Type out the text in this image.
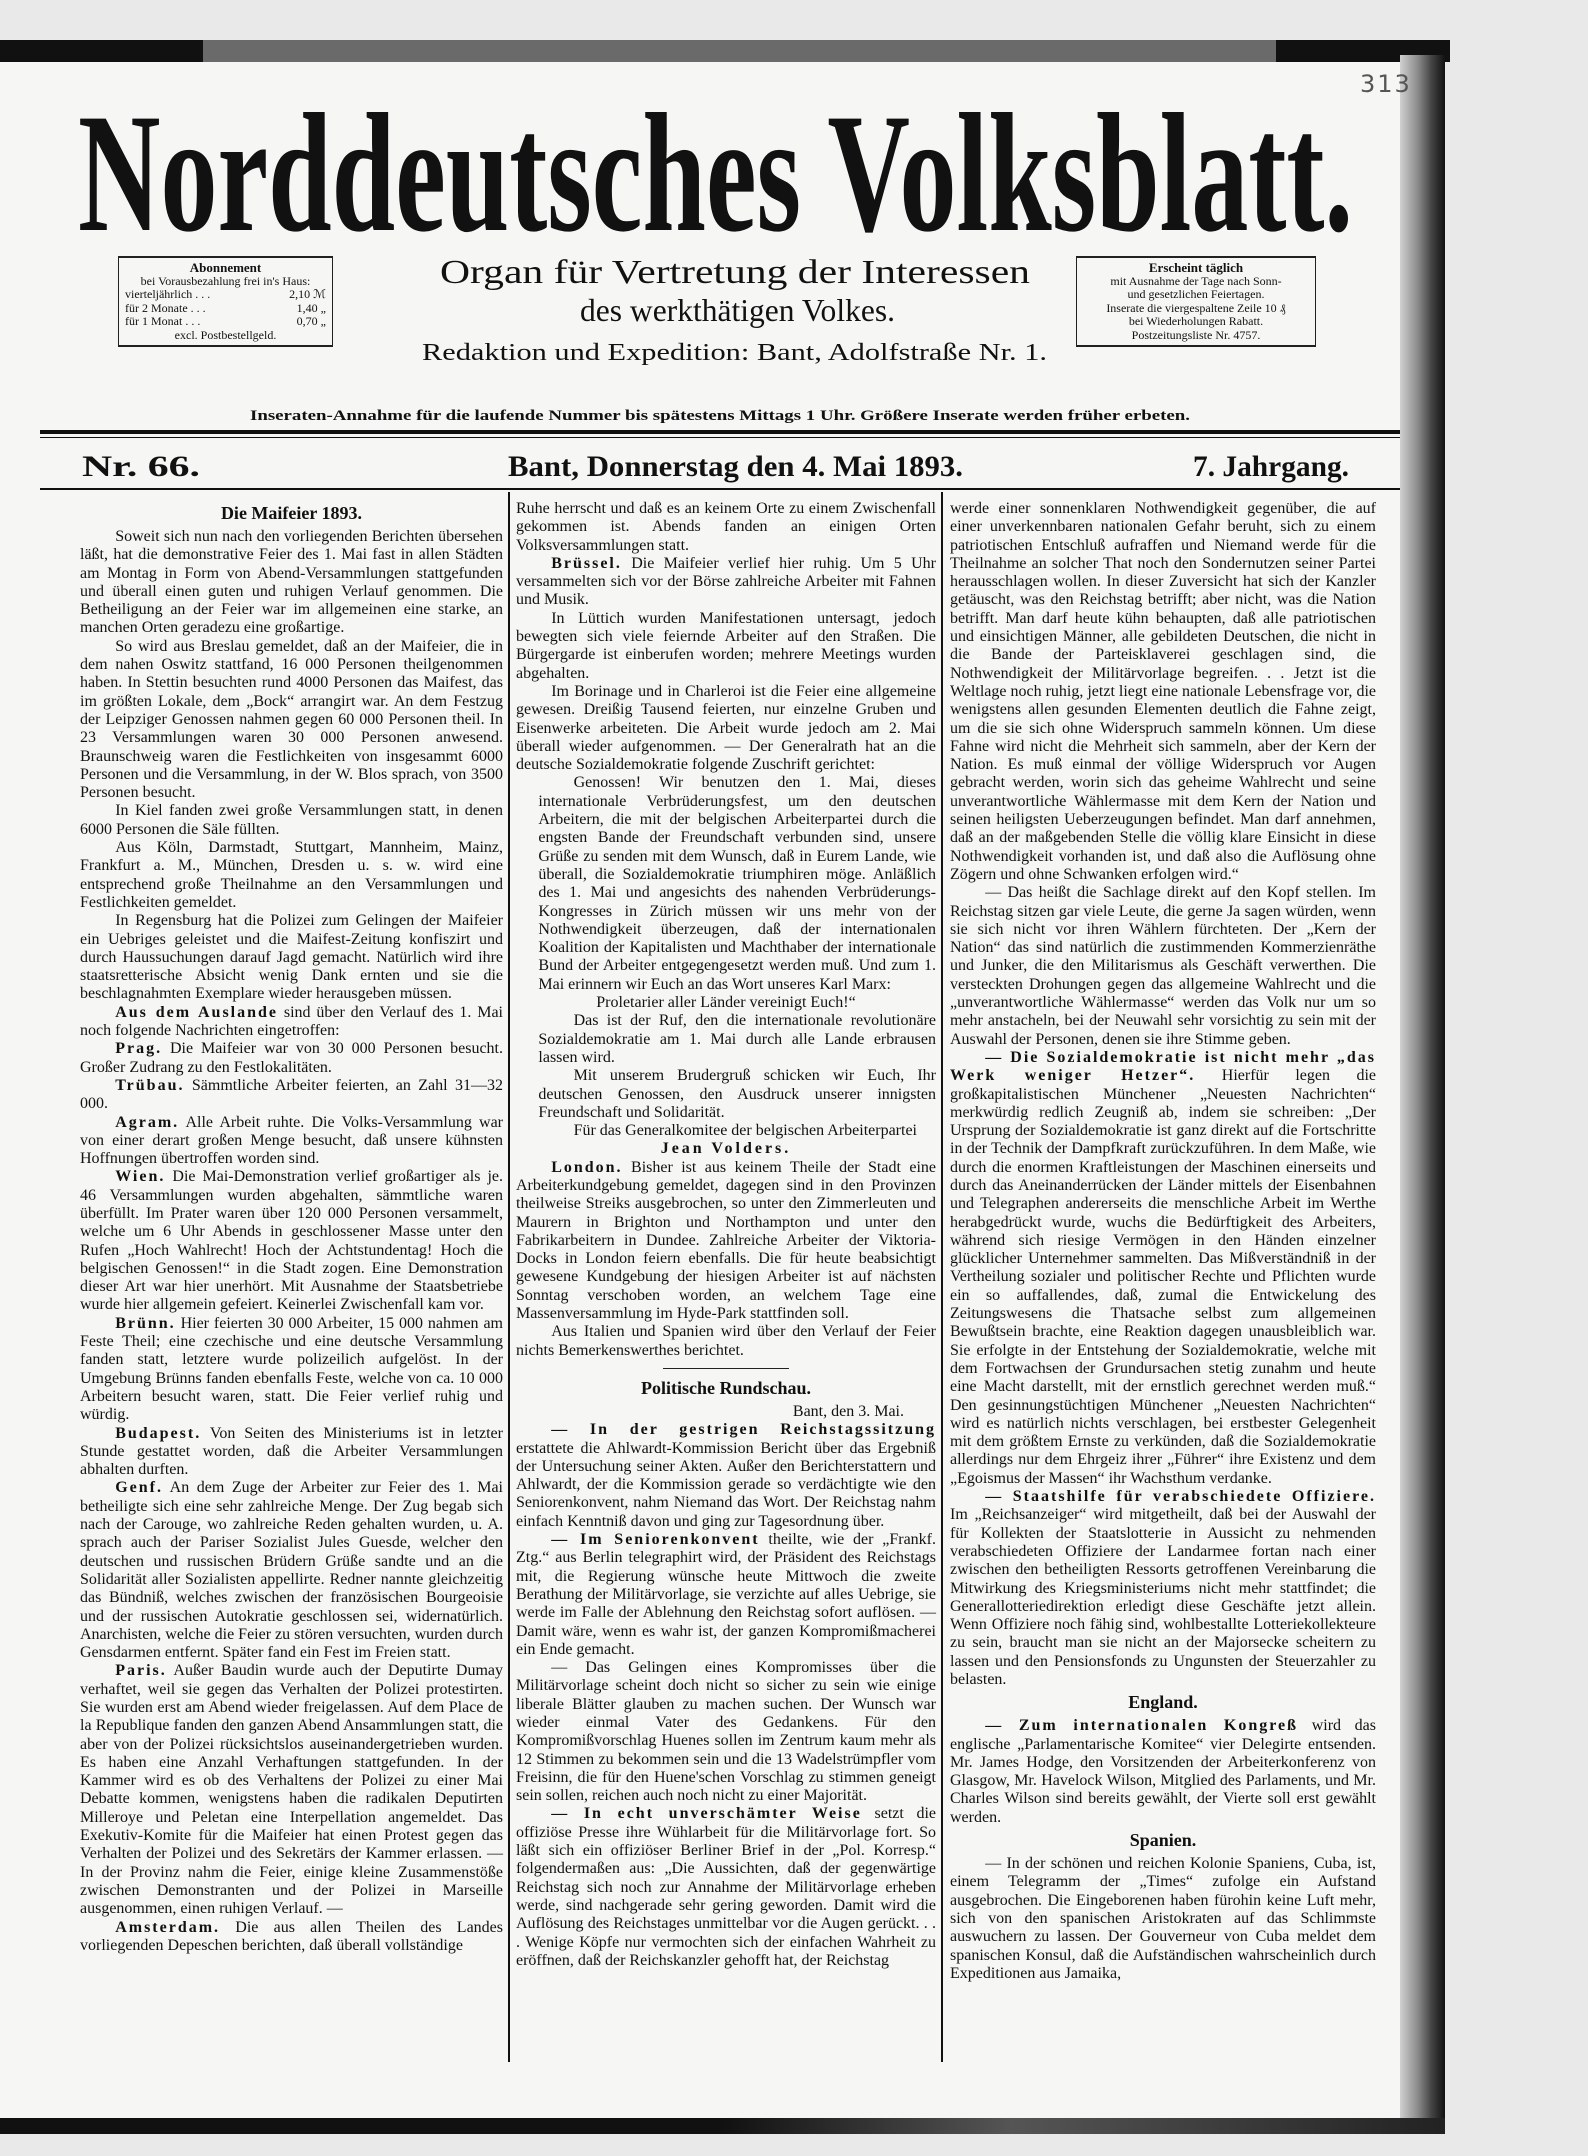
313
Norddeutsches Volksblatt.
Abonnement
bei Vorausbezahlung frei in's Haus:
vierteljährlich . . .	2,10 ℳ
für 2 Monate . . .	1,40 „
für 1 Monat . . .	0,70 „
excl. Postbestellgeld.
Organ für Vertretung der Interessen
des werkthätigen Volkes.
Redaktion und Expedition: Bant, Adolfstraße Nr. 1.
Erscheint täglich
mit Ausnahme der Tage nach Sonn-
und gesetzlichen Feiertagen.
Inserate die viergespaltene Zeile 10 ₰
bei Wiederholungen Rabatt.
Postzeitungsliste Nr. 4757.
Inseraten-Annahme für die laufende Nummer bis spätestens Mittags 1 Uhr. Größere Inserate werden früher erbeten.
Nr. 66.	Bant, Donnerstag den 4. Mai 1893.	7. Jahrgang.
Die Maifeier 1893.

Soweit sich nun nach den vorliegenden Berichten übersehen läßt, hat die demonstrative Feier des 1. Mai fast in allen Städten am Montag in Form von Abend-Versammlungen stattgefunden und überall einen guten und ruhigen Verlauf genommen. Die Betheiligung an der Feier war im allgemeinen eine starke, an manchen Orten geradezu eine großartige.

So wird aus Breslau gemeldet, daß an der Maifeier, die in dem nahen Oswitz stattfand, 16 000 Personen theilgenommen haben. In Stettin besuchten rund 4000 Personen das Maifest, das im größten Lokale, dem „Bock“ arrangirt war. An dem Festzug der Leipziger Genossen nahmen gegen 60 000 Personen theil. In 23 Versammlungen waren 30 000 Personen anwesend. Braunschweig waren die Festlichkeiten von insgesammt 6000 Personen und die Versammlung, in der W. Blos sprach, von 3500 Personen besucht.

In Kiel fanden zwei große Versammlungen statt, in denen 6000 Personen die Säle füllten.

Aus Köln, Darmstadt, Stuttgart, Mannheim, Mainz, Frankfurt a. M., München, Dresden u. s. w. wird eine entsprechend große Theilnahme an den Versammlungen und Festlichkeiten gemeldet.

In Regensburg hat die Polizei zum Gelingen der Maifeier ein Uebriges geleistet und die Maifest-Zeitung konfiszirt und durch Haussuchungen darauf Jagd gemacht. Natürlich wird ihre staatsretterische Absicht wenig Dank ernten und sie die beschlagnahmten Exemplare wieder herausgeben müssen.

Aus dem Auslande sind über den Verlauf des 1. Mai noch folgende Nachrichten eingetroffen:

Prag. Die Maifeier war von 30 000 Personen besucht. Großer Zudrang zu den Festlokalitäten.

Trübau. Sämmtliche Arbeiter feierten, an Zahl 31—32 000.

Agram. Alle Arbeit ruhte. Die Volks-Versammlung war von einer derart großen Menge besucht, daß unsere kühnsten Hoffnungen übertroffen worden sind.

Wien. Die Mai-Demonstration verlief großartiger als je. 46 Versammlungen wurden abgehalten, sämmtliche waren überfüllt. Im Prater waren über 120 000 Personen versammelt, welche um 6 Uhr Abends in geschlossener Masse unter den Rufen „Hoch Wahlrecht! Hoch der Achtstundentag! Hoch die belgischen Genossen!“ in die Stadt zogen. Eine Demonstration dieser Art war hier unerhört. Mit Ausnahme der Staatsbetriebe wurde hier allgemein gefeiert. Keinerlei Zwischenfall kam vor.

Brünn. Hier feierten 30 000 Arbeiter, 15 000 nahmen am Feste Theil; eine czechische und eine deutsche Versammlung fanden statt, letztere wurde polizeilich aufgelöst. In der Umgebung Brünns fanden ebenfalls Feste, welche von ca. 10 000 Arbeitern besucht waren, statt. Die Feier verlief ruhig und würdig.

Budapest. Von Seiten des Ministeriums ist in letzter Stunde gestattet worden, daß die Arbeiter Versammlungen abhalten durften.

Genf. An dem Zuge der Arbeiter zur Feier des 1. Mai betheiligte sich eine sehr zahlreiche Menge. Der Zug begab sich nach der Carouge, wo zahlreiche Reden gehalten wurden, u. A. sprach auch der Pariser Sozialist Jules Guesde, welcher den deutschen und russischen Brüdern Grüße sandte und an die Solidarität aller Sozialisten appellirte. Redner nannte gleichzeitig das Bündniß, welches zwischen der französischen Bourgeoisie und der russischen Autokratie geschlossen sei, widernatürlich. Anarchisten, welche die Feier zu stören versuchten, wurden durch Gensdarmen entfernt. Später fand ein Fest im Freien statt.

Paris. Außer Baudin wurde auch der Deputirte Dumay verhaftet, weil sie gegen das Verhalten der Polizei protestirten. Sie wurden erst am Abend wieder freigelassen. Auf dem Place de la Republique fanden den ganzen Abend Ansammlungen statt, die aber von der Polizei rücksichtslos auseinandergetrieben wurden. Es haben eine Anzahl Verhaftungen stattgefunden. In der Kammer wird es ob des Verhaltens der Polizei zu einer Mai Debatte kommen, wenigstens haben die radikalen Deputirten Milleroye und Peletan eine Interpellation angemeldet. Das Exekutiv-Komite für die Maifeier hat einen Protest gegen das Verhalten der Polizei und des Sekretärs der Kammer erlassen. — In der Provinz nahm die Feier, einige kleine Zusammenstöße zwischen Demonstranten und der Polizei in Marseille ausgenommen, einen ruhigen Verlauf. —

Amsterdam. Die aus allen Theilen des Landes vorliegenden Depeschen berichten, daß überall vollständige

Ruhe herrscht und daß es an keinem Orte zu einem Zwischenfall gekommen ist. Abends fanden an einigen Orten Volksversammlungen statt.

Brüssel. Die Maifeier verlief hier ruhig. Um 5 Uhr versammelten sich vor der Börse zahlreiche Arbeiter mit Fahnen und Musik.

In Lüttich wurden Manifestationen untersagt, jedoch bewegten sich viele feiernde Arbeiter auf den Straßen. Die Bürgergarde ist einberufen worden; mehrere Meetings wurden abgehalten.

Im Borinage und in Charleroi ist die Feier eine allgemeine gewesen. Dreißig Tausend feierten, nur einzelne Gruben und Eisenwerke arbeiteten. Die Arbeit wurde jedoch am 2. Mai überall wieder aufgenommen. — Der Generalrath hat an die deutsche Sozialdemokratie folgende Zuschrift gerichtet:

Genossen! Wir benutzen den 1. Mai, dieses internationale Verbrüderungsfest, um den deutschen Arbeitern, die mit der belgischen Arbeiterpartei durch die engsten Bande der Freundschaft verbunden sind, unsere Grüße zu senden mit dem Wunsch, daß in Eurem Lande, wie überall, die Sozialdemokratie triumphiren möge. Anläßlich des 1. Mai und angesichts des nahenden Verbrüderungs-Kongresses in Zürich müssen wir uns mehr von der Nothwendigkeit überzeugen, daß der internationalen Koalition der Kapitalisten und Machthaber der internationale Bund der Arbeiter entgegengesetzt werden muß. Und zum 1. Mai erinnern wir Euch an das Wort unseres Karl Marx:

Proletarier aller Länder vereinigt Euch!“

Das ist der Ruf, den die internationale revolutionäre Sozialdemokratie am 1. Mai durch alle Lande erbrausen lassen wird.

Mit unserem Brudergruß schicken wir Euch, Ihr deutschen Genossen, den Ausdruck unserer innigsten Freundschaft und Solidarität.

Für das Generalkomitee der belgischen Arbeiterpartei

Jean Volders.

London. Bisher ist aus keinem Theile der Stadt eine Arbeiterkundgebung gemeldet, dagegen sind in den Provinzen theilweise Streiks ausgebrochen, so unter den Zimmerleuten und Maurern in Brighton und Northampton und unter den Fabrikarbeitern in Dundee. Zahlreiche Arbeiter der Viktoria-Docks in London feiern ebenfalls. Die für heute beabsichtigt gewesene Kundgebung der hiesigen Arbeiter ist auf nächsten Sonntag verschoben worden, an welchem Tage eine Massenversammlung im Hyde-Park stattfinden soll.

Aus Italien und Spanien wird über den Verlauf der Feier nichts Bemerkenswerthes berichtet.

Politische Rundschau.

Bant, den 3. Mai.

— In der gestrigen Reichstagssitzung erstattete die Ahlwardt-Kommission Bericht über das Ergebniß der Untersuchung seiner Akten. Außer den Berichterstattern und Ahlwardt, der die Kommission gerade so verdächtigte wie den Seniorenkonvent, nahm Niemand das Wort. Der Reichstag nahm einfach Kenntniß davon und ging zur Tagesordnung über.

— Im Seniorenkonvent theilte, wie der „Frankf. Ztg.“ aus Berlin telegraphirt wird, der Präsident des Reichstags mit, die Regierung wünsche heute Mittwoch die zweite Berathung der Militärvorlage, sie verzichte auf alles Uebrige, sie werde im Falle der Ablehnung den Reichstag sofort auflösen. — Damit wäre, wenn es wahr ist, der ganzen Kompromißmacherei ein Ende gemacht.

— Das Gelingen eines Kompromisses über die Militärvorlage scheint doch nicht so sicher zu sein wie einige liberale Blätter glauben zu machen suchen. Der Wunsch war wieder einmal Vater des Gedankens. Für den Kompromißvorschlag Huenes sollen im Zentrum kaum mehr als 12 Stimmen zu bekommen sein und die 13 Wadelstrümpfler vom Freisinn, die für den Huene'schen Vorschlag zu stimmen geneigt sein sollen, reichen auch noch nicht zu einer Majorität.

— In echt unverschämter Weise setzt die offiziöse Presse ihre Wühlarbeit für die Militärvorlage fort. So läßt sich ein offiziöser Berliner Brief in der „Pol. Korresp.“ folgendermaßen aus: „Die Aussichten, daß der gegenwärtige Reichstag sich noch zur Annahme der Militärvorlage erheben werde, sind nachgerade sehr gering geworden. Damit wird die Auflösung des Reichstages unmittelbar vor die Augen gerückt. . . . Wenige Köpfe nur vermochten sich der einfachen Wahrheit zu eröffnen, daß der Reichskanzler gehofft hat, der Reichstag

werde einer sonnenklaren Nothwendigkeit gegenüber, die auf einer unverkennbaren nationalen Gefahr beruht, sich zu einem patriotischen Entschluß aufraffen und Niemand werde für die Theilnahme an solcher That noch den Sondernutzen seiner Partei herausschlagen wollen. In dieser Zuversicht hat sich der Kanzler getäuscht, was den Reichstag betrifft; aber nicht, was die Nation betrifft. Man darf heute kühn behaupten, daß alle patriotischen und einsichtigen Männer, alle gebildeten Deutschen, die nicht in die Bande der Parteisklaverei geschlagen sind, die Nothwendigkeit der Militärvorlage begreifen. . . Jetzt ist die Weltlage noch ruhig, jetzt liegt eine nationale Lebensfrage vor, die wenigstens allen gesunden Elementen deutlich die Fahne zeigt, um die sie sich ohne Widerspruch sammeln können. Um diese Fahne wird nicht die Mehrheit sich sammeln, aber der Kern der Nation. Es muß einmal der völlige Widerspruch vor Augen gebracht werden, worin sich das geheime Wahlrecht und seine unverantwortliche Wählermasse mit dem Kern der Nation und seinen heiligsten Ueberzeugungen befindet. Man darf annehmen, daß an der maßgebenden Stelle die völlig klare Einsicht in diese Nothwendigkeit vorhanden ist, und daß also die Auflösung ohne Zögern und ohne Schwanken erfolgen wird.“

— Das heißt die Sachlage direkt auf den Kopf stellen. Im Reichstag sitzen gar viele Leute, die gerne Ja sagen würden, wenn sie sich nicht vor ihren Wählern fürchteten. Der „Kern der Nation“ das sind natürlich die zustimmenden Kommerzienräthe und Junker, die den Militarismus als Geschäft verwerthen. Die versteckten Drohungen gegen das allgemeine Wahlrecht und die „unverantwortliche Wählermasse“ werden das Volk nur um so mehr anstacheln, bei der Neuwahl sehr vorsichtig zu sein mit der Auswahl der Personen, denen sie ihre Stimme geben.

— Die Sozialdemokratie ist nicht mehr „das Werk weniger Hetzer“. Hierfür legen die großkapitalistischen Münchener „Neuesten Nachrichten“ merkwürdig redlich Zeugniß ab, indem sie schreiben: „Der Ursprung der Sozialdemokratie ist ganz direkt auf die Fortschritte in der Technik der Dampfkraft zurückzuführen. In dem Maße, wie durch die enormen Kraftleistungen der Maschinen einerseits und durch das Aneinanderrücken der Länder mittels der Eisenbahnen und Telegraphen andererseits die menschliche Arbeit im Werthe herabgedrückt wurde, wuchs die Bedürftigkeit des Arbeiters, während sich riesige Vermögen in den Händen einzelner glücklicher Unternehmer sammelten. Das Mißverständniß in der Vertheilung sozialer und politischer Rechte und Pflichten wurde ein so auffallendes, daß, zumal die Entwickelung des Zeitungswesens die Thatsache selbst zum allgemeinen Bewußtsein brachte, eine Reaktion dagegen unausbleiblich war. Sie erfolgte in der Entstehung der Sozialdemokratie, welche mit dem Fortwachsen der Grundursachen stetig zunahm und heute eine Macht darstellt, mit der ernstlich gerechnet werden muß.“ Den gesinnungstüchtigen Münchener „Neuesten Nachrichten“ wird es natürlich nichts verschlagen, bei erstbester Gelegenheit mit dem größtem Ernste zu verkünden, daß die Sozialdemokratie allerdings nur dem Ehrgeiz ihrer „Führer“ ihre Existenz und dem „Egoismus der Massen“ ihr Wachsthum verdanke.

— Staatshilfe für verabschiedete Offiziere. Im „Reichsanzeiger“ wird mitgetheilt, daß bei der Auswahl der für Kollekten der Staatslotterie in Aussicht zu nehmenden verabschiedeten Offiziere der Landarmee fortan nach einer zwischen den betheiligten Ressorts getroffenen Vereinbarung die Mitwirkung des Kriegsministeriums nicht mehr stattfindet; die Generallotteriedirektion erledigt diese Geschäfte jetzt allein. Wenn Offiziere noch fähig sind, wohlbestallte Lotteriekollekteure zu sein, braucht man sie nicht an der Majorsecke scheitern zu lassen und den Pensionsfonds zu Ungunsten der Steuerzahler zu belasten.

England.

— Zum internationalen Kongreß wird das englische „Parlamentarische Komitee“ vier Delegirte entsenden. Mr. James Hodge, den Vorsitzenden der Arbeiterkonferenz von Glasgow, Mr. Havelock Wilson, Mitglied des Parlaments, und Mr. Charles Wilson sind bereits gewählt, der Vierte soll erst gewählt werden.

Spanien.

— In der schönen und reichen Kolonie Spaniens, Cuba, ist, einem Telegramm der „Times“ zufolge ein Aufstand ausgebrochen. Die Eingeborenen haben fürohin keine Luft mehr, sich von den spanischen Aristokraten auf das Schlimmste auswuchern zu lassen. Der Gouverneur von Cuba meldet dem spanischen Konsul, daß die Aufständischen wahrscheinlich durch Expeditionen aus Jamaika,
